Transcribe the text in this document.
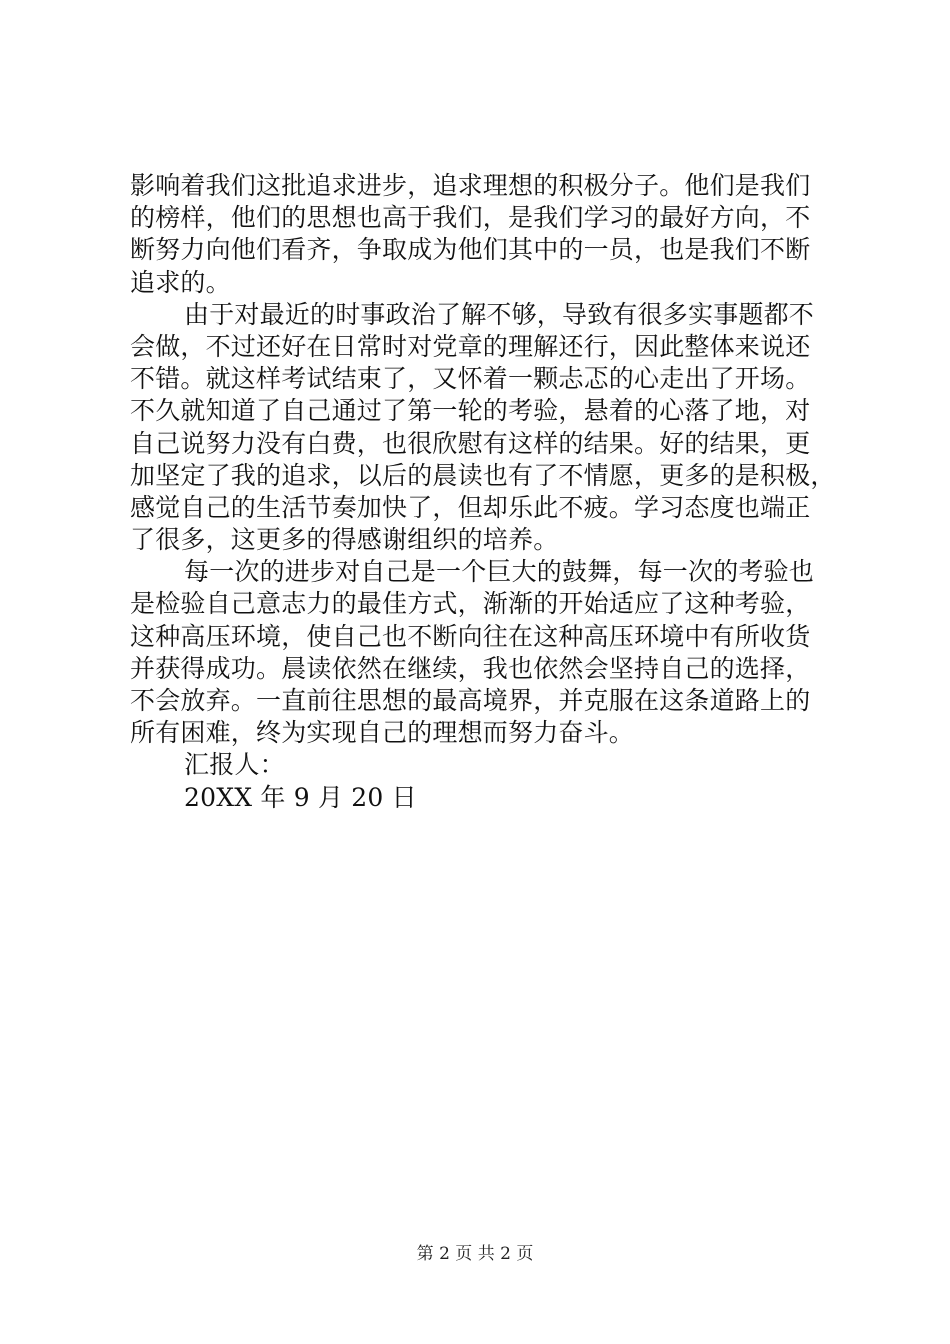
影响着我们这批追求进步，追求理想的积极分子。他们是我们
的榜样，他们的思想也高于我们，是我们学习的最好方向，不
断努力向他们看齐，争取成为他们其中的一员，也是我们不断
追求的。
由于对最近的时事政治了解不够，导致有很多实事题都不
会做，不过还好在日常时对党章的理解还行，因此整体来说还
不错。就这样考试结束了，又怀着一颗忐忑的心走出了开场。
不久就知道了自己通过了第一轮的考验，悬着的心落了地，对
自己说努力没有白费，也很欣慰有这样的结果。好的结果，更
加坚定了我的追求，以后的晨读也有了不情愿，更多的是积极，
感觉自己的生活节奏加快了，但却乐此不疲。学习态度也端正
了很多，这更多的得感谢组织的培养。
每一次的进步对自己是一个巨大的鼓舞，每一次的考验也
是检验自己意志力的最佳方式，渐渐的开始适应了这种考验，
这种高压环境，使自己也不断向往在这种高压环境中有所收货
并获得成功。晨读依然在继续，我也依然会坚持自己的选择，
不会放弃。一直前往思想的最高境界，并克服在这条道路上的
所有困难，终为实现自己的理想而努力奋斗。
汇报人：
20XX 年 9 月 20 日
第 2 页 共 2 页
